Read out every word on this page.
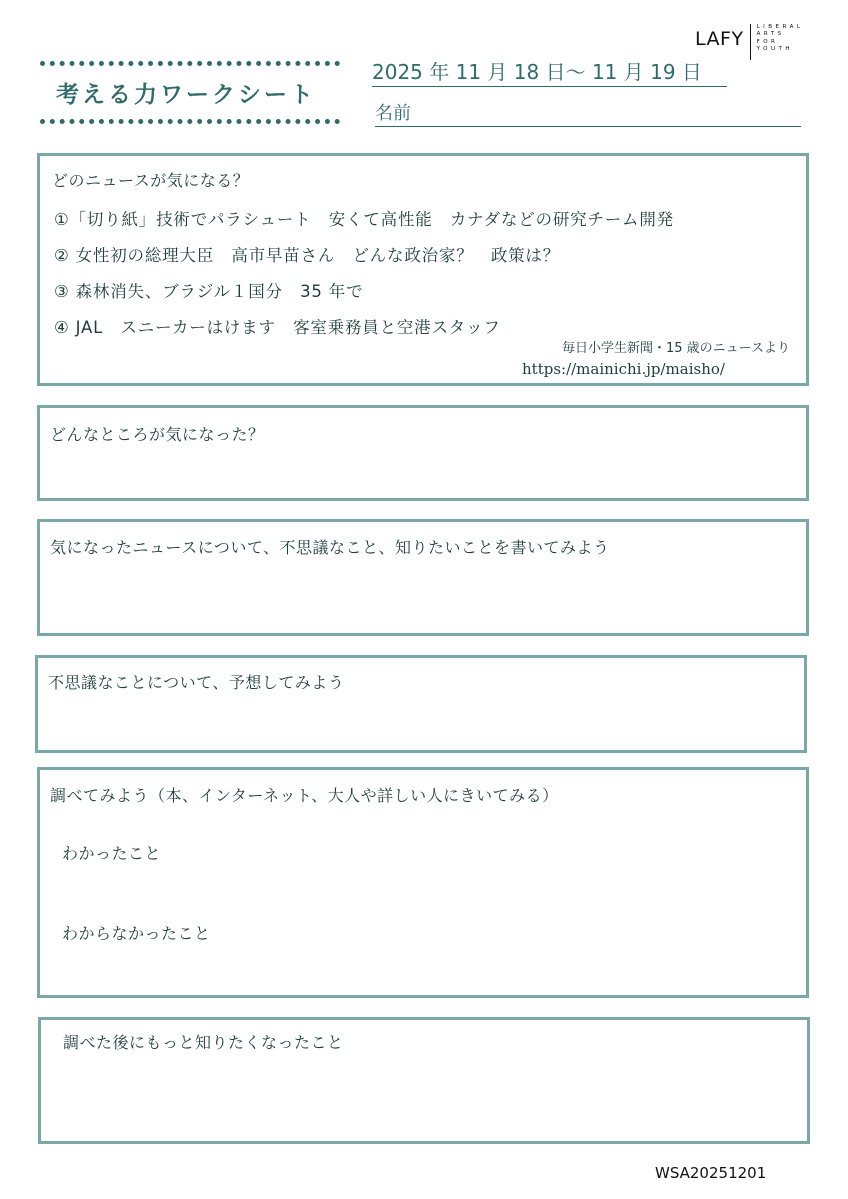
LAFY
LIBERAL
ARTS
FOR
YOUTH
考える力ワークシート
2025 年 11 月 18 日～ 11 月 19 日
名前
どのニュースが気になる？
①「切り紙」技術でパラシュート　安くて高性能　カナダなどの研究チーム開発
② 女性初の総理大臣　高市早苗さん　どんな政治家？　政策は？
③ 森林消失、ブラジル１国分　35 年で
④ JAL　スニーカーはけます　客室乗務員と空港スタッフ
毎日小学生新聞・15 歳のニュースより
https://mainichi.jp/maisho/
どんなところが気になった？
気になったニュースについて、不思議なこと、知りたいことを書いてみよう
不思議なことについて、予想してみよう
調べてみよう（本、インターネット、大人や詳しい人にきいてみる）
わかったこと
わからなかったこと
調べた後にもっと知りたくなったこと
WSA20251201
